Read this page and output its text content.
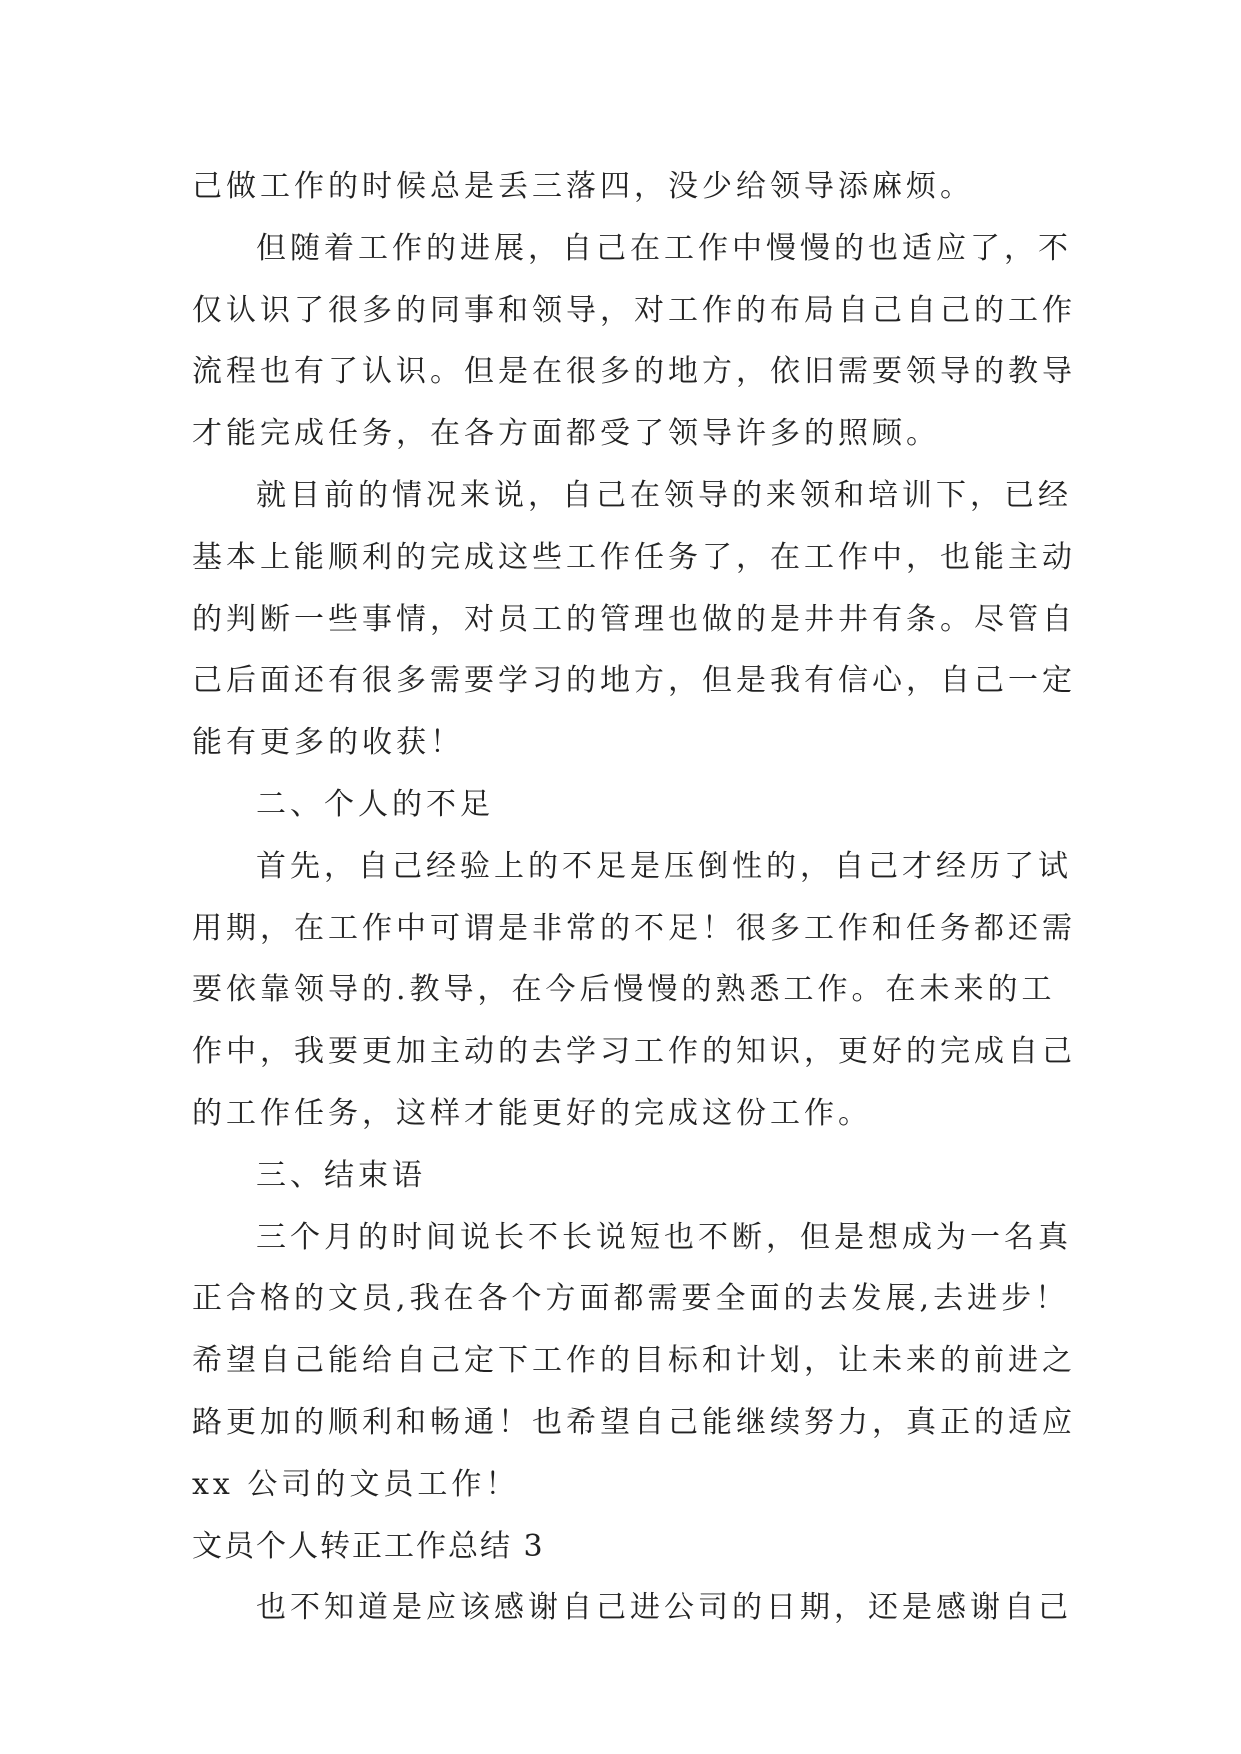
己做工作的时候总是丢三落四，没少给领导添麻烦。
但随着工作的进展，自己在工作中慢慢的也适应了，不
仅认识了很多的同事和领导，对工作的布局自己自己的工作
流程也有了认识。但是在很多的地方，依旧需要领导的教导
才能完成任务，在各方面都受了领导许多的照顾。
就目前的情况来说，自己在领导的来领和培训下，已经
基本上能顺利的完成这些工作任务了，在工作中，也能主动
的判断一些事情，对员工的管理也做的是井井有条。尽管自
己后面还有很多需要学习的地方，但是我有信心，自己一定
能有更多的收获！
二、个人的不足
首先，自己经验上的不足是压倒性的，自己才经历了试
用期，在工作中可谓是非常的不足！很多工作和任务都还需
要依靠领导的.教导，在今后慢慢的熟悉工作。在未来的工
作中，我要更加主动的去学习工作的知识，更好的完成自己
的工作任务，这样才能更好的完成这份工作。
三、结束语
三个月的时间说长不长说短也不断，但是想成为一名真
正合格的文员,我在各个方面都需要全面的去发展,去进步！
希望自己能给自己定下工作的目标和计划，让未来的前进之
路更加的顺利和畅通！也希望自己能继续努力，真正的适应
xx 公司的文员工作！
文员个人转正工作总结 3
也不知道是应该感谢自己进公司的日期，还是感谢自己
